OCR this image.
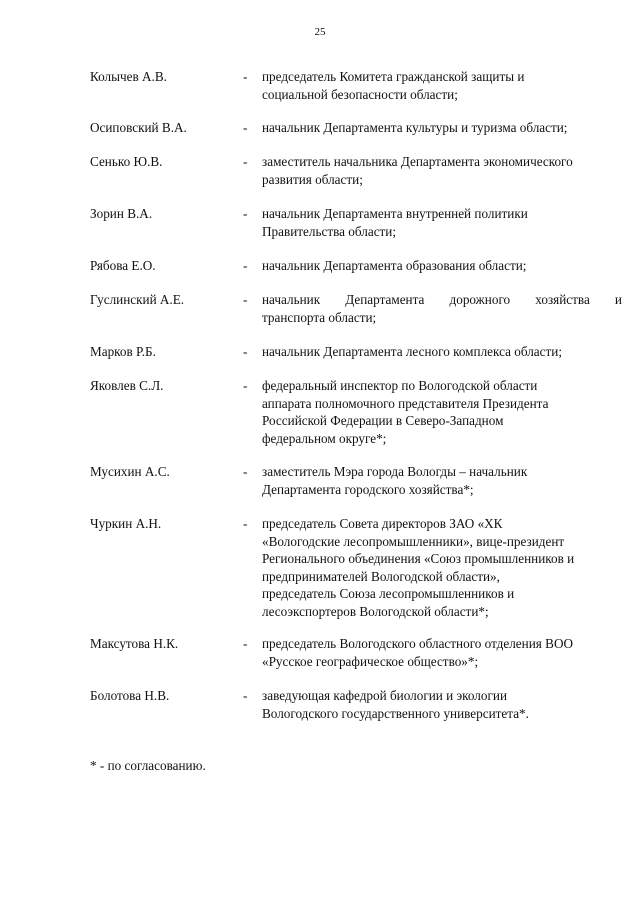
25
Колычев А.В.	- председатель Комитета гражданской защиты и
социальной безопасности области;
Осиповский В.А.	- начальник Департамента культуры и туризма области;
Сенько Ю.В.	- заместитель начальника Департамента экономического
развития области;
Зорин В.А.	- начальник Департамента внутренней политики
Правительства области;
Рябова Е.О.	- начальник Департамента образования области;
Гуслинский А.Е.	- начальник Департамента дорожного хозяйства и
транспорта области;
Марков Р.Б.	- начальник Департамента лесного комплекса области;
Яковлев С.Л.	- федеральный инспектор по Вологодской области
аппарата полномочного представителя Президента
Российской Федерации в Северо-Западном
федеральном округе*;
Мусихин А.С.	- заместитель Мэра города Вологды – начальник
Департамента городского хозяйства*;
Чуркин А.Н.	- председатель Совета директоров ЗАО «ХК
«Вологодские лесопромышленники», вице-президент
Регионального объединения «Союз промышленников и
предпринимателей Вологодской области»,
председатель Союза лесопромышленников и
лесоэкспортеров Вологодской области*;
Максутова Н.К.	- председатель Вологодского областного отделения ВОО
«Русское географическое общество»*;
Болотова Н.В.	- заведующая кафедрой биологии и экологии
Вологодского государственного университета*.
* - по согласованию.
